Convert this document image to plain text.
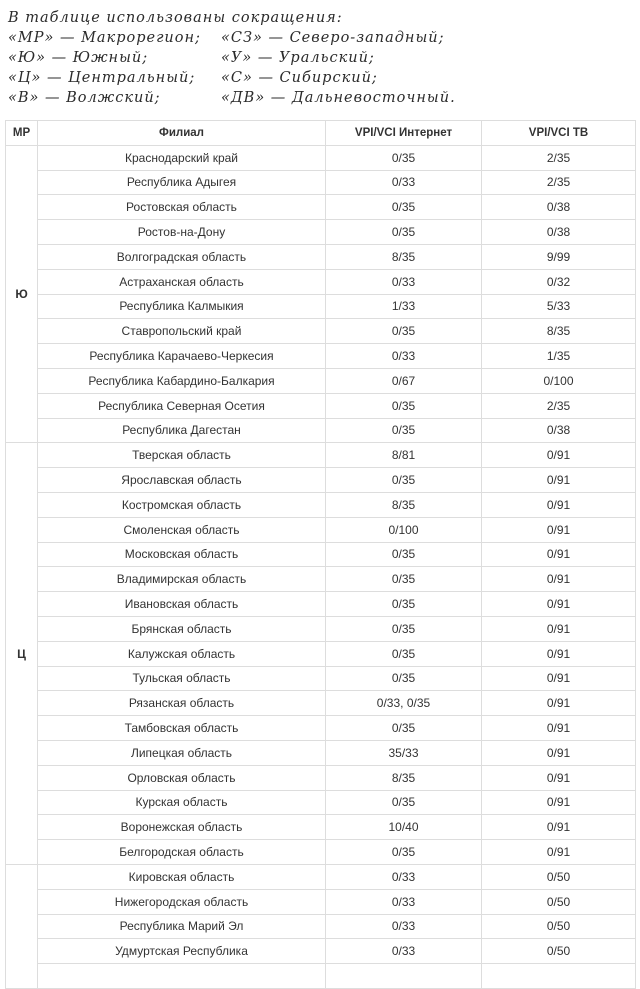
В таблице использованы сокращения:
«МР» — Макрорегион;	«СЗ» — Северо-западный;
«Ю» — Южный;	«У» — Уральский;
«Ц» — Центральный;	«С» — Сибирский;
«В» — Волжский;	«ДВ» — Дальневосточный.
МР	Филиал	VPI/VCI Интернет	VPI/VCI ТВ
Ю	Краснодарский край	0/35	2/35
	Республика Адыгея	0/33	2/35
	Ростовская область	0/35	0/38
	Ростов-на-Дону	0/35	0/38
	Волгоградская область	8/35	9/99
	Астраханская область	0/33	0/32
	Республика Калмыкия	1/33	5/33
	Ставропольский край	0/35	8/35
	Республика Карачаево-Черкесия	0/33	1/35
	Республика Кабардино-Балкария	0/67	0/100
	Республика Северная Осетия	0/35	2/35
	Республика Дагестан	0/35	0/38
Ц	Тверская область	8/81	0/91
	Ярославская область	0/35	0/91
	Костромская область	8/35	0/91
	Смоленская область	0/100	0/91
	Московская область	0/35	0/91
	Владимирская область	0/35	0/91
	Ивановская область	0/35	0/91
	Брянская область	0/35	0/91
	Калужская область	0/35	0/91
	Тульская область	0/35	0/91
	Рязанская область	0/33, 0/35	0/91
	Тамбовская область	0/35	0/91
	Липецкая область	35/33	0/91
	Орловская область	8/35	0/91
	Курская область	0/35	0/91
	Воронежская область	10/40	0/91
	Белгородская область	0/35	0/91
	Кировская область	0/33	0/50
	Нижегородская область	0/33	0/50
	Республика Марий Эл	0/33	0/50
	Удмуртская Республика	0/33	0/50
